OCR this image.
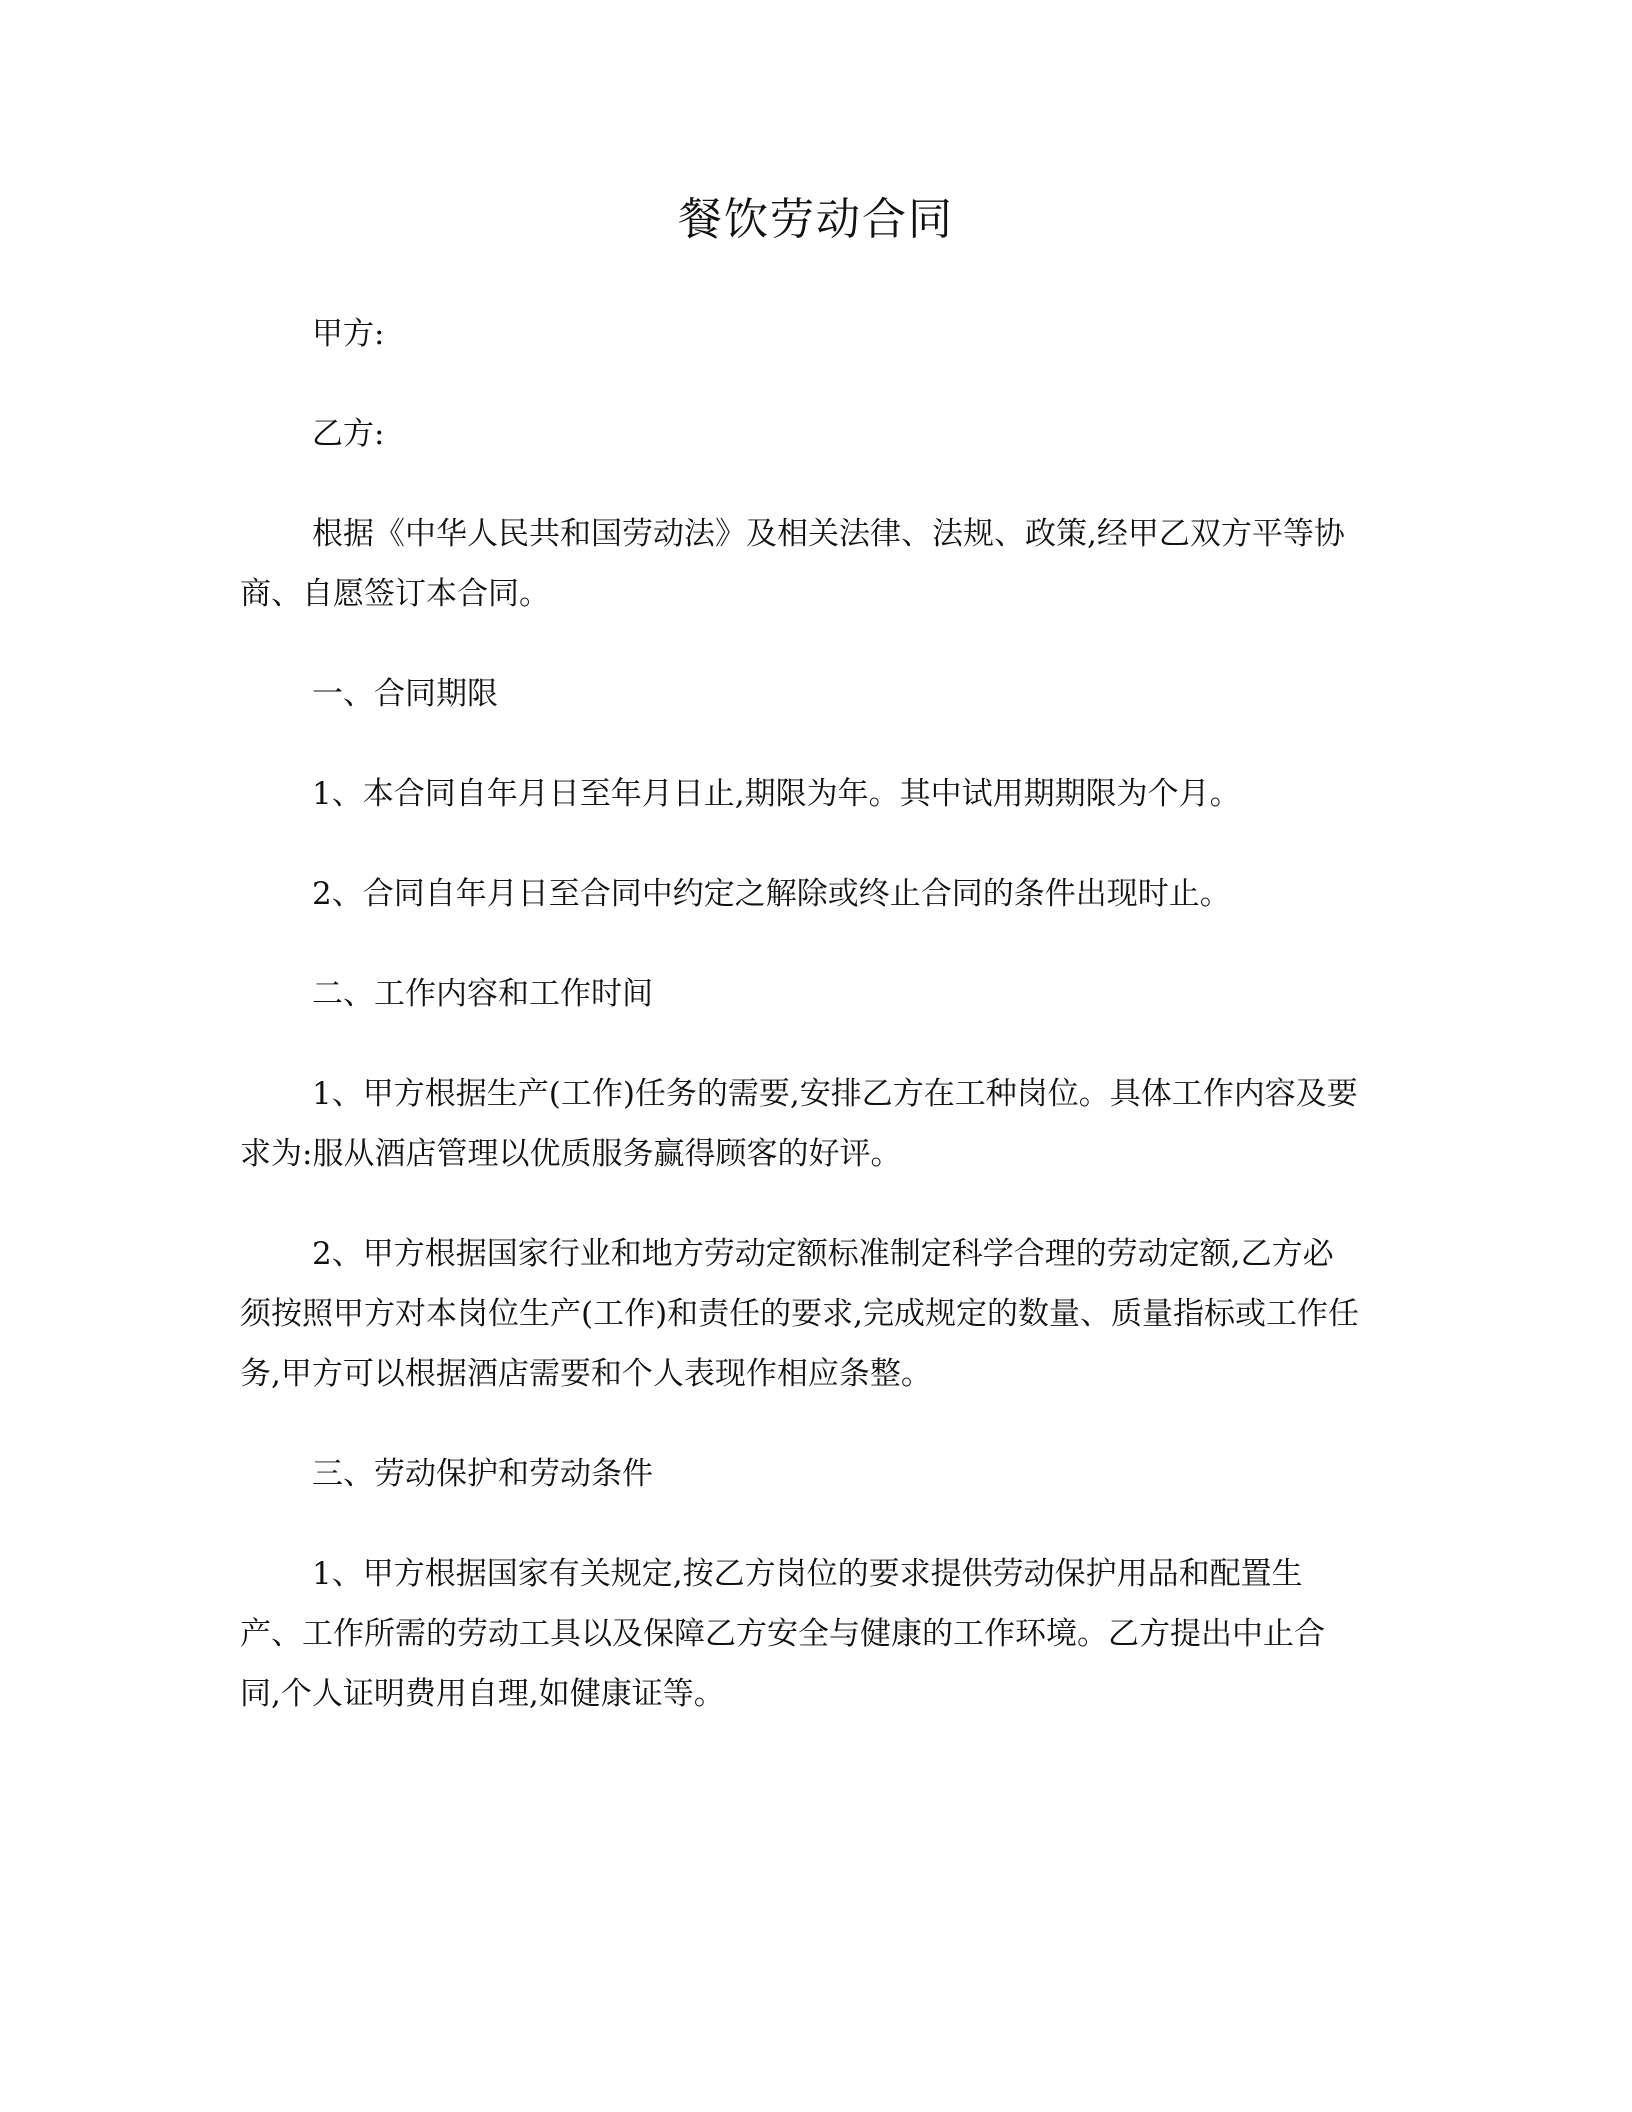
餐饮劳动合同

甲方:

乙方:

根据《中华人民共和国劳动法》及相关法律、法规、政策,经甲乙双方平等协商、自愿签订本合同。

一、合同期限

1、本合同自年月日至年月日止,期限为年。其中试用期期限为个月。

2、合同自年月日至合同中约定之解除或终止合同的条件出现时止。

二、工作内容和工作时间

1、甲方根据生产(工作)任务的需要,安排乙方在工种岗位。具体工作内容及要求为:服从酒店管理以优质服务赢得顾客的好评。

2、甲方根据国家行业和地方劳动定额标准制定科学合理的劳动定额,乙方必须按照甲方对本岗位生产(工作)和责任的要求,完成规定的数量、质量指标或工作任务,甲方可以根据酒店需要和个人表现作相应条整。

三、劳动保护和劳动条件

1、甲方根据国家有关规定,按乙方岗位的要求提供劳动保护用品和配置生产、工作所需的劳动工具以及保障乙方安全与健康的工作环境。乙方提出中止合同,个人证明费用自理,如健康证等。
